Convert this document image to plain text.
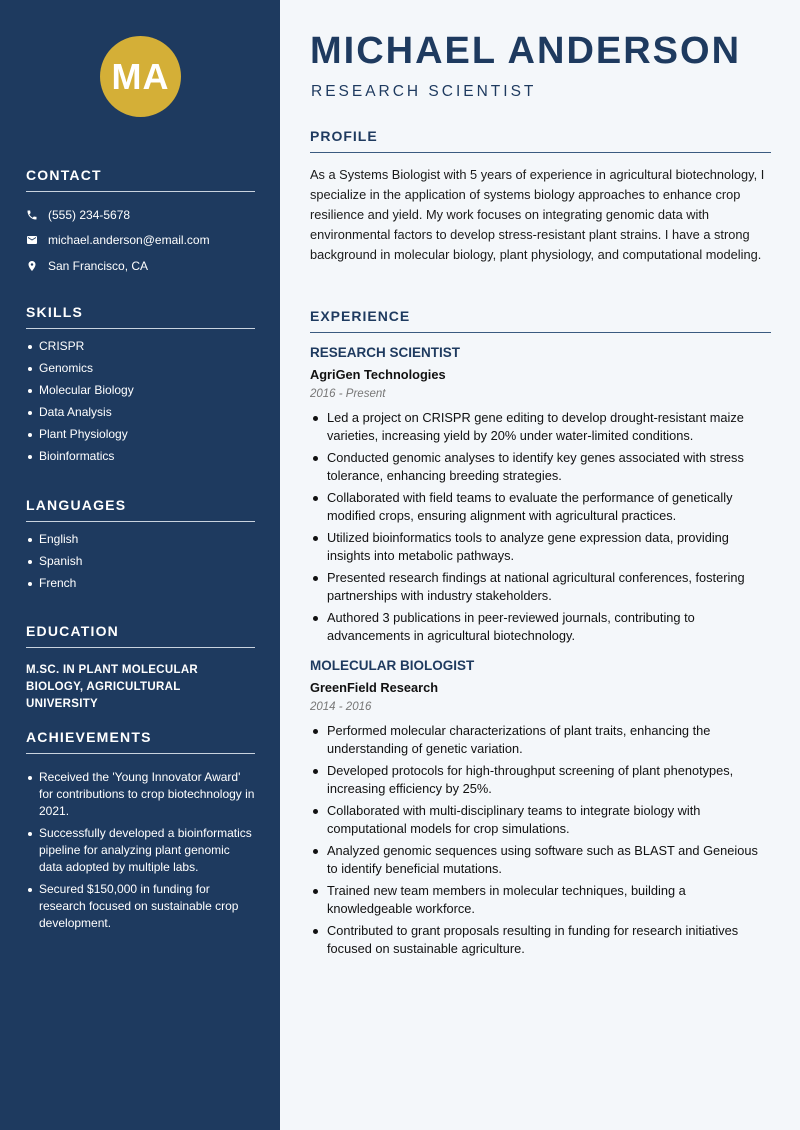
MA
CONTACT
(555) 234-5678
michael.anderson@email.com
San Francisco, CA
SKILLS
CRISPR
Genomics
Molecular Biology
Data Analysis
Plant Physiology
Bioinformatics
LANGUAGES
English
Spanish
French
EDUCATION

M.SC. IN PLANT MOLECULAR BIOLOGY, AGRICULTURAL UNIVERSITY

ACHIEVEMENTS
Received the 'Young Innovator Award' for contributions to crop biotechnology in 2021.
Successfully developed a bioinformatics pipeline for analyzing plant genomic data adopted by multiple labs.
Secured $150,000 in funding for research focused on sustainable crop development.
MICHAEL ANDERSON
RESEARCH SCIENTIST
PROFILE

As a Systems Biologist with 5 years of experience in agricultural biotechnology, I specialize in the application of systems biology approaches to enhance crop resilience and yield. My work focuses on integrating genomic data with environmental factors to develop stress-resistant plant strains. I have a strong background in molecular biology, plant physiology, and computational modeling.

EXPERIENCE
RESEARCH SCIENTIST
AgriGen Technologies
2016 - Present
Led a project on CRISPR gene editing to develop drought-resistant maize varieties, increasing yield by 20% under water-limited conditions.
Conducted genomic analyses to identify key genes associated with stress tolerance, enhancing breeding strategies.
Collaborated with field teams to evaluate the performance of genetically modified crops, ensuring alignment with agricultural practices.
Utilized bioinformatics tools to analyze gene expression data, providing insights into metabolic pathways.
Presented research findings at national agricultural conferences, fostering partnerships with industry stakeholders.
Authored 3 publications in peer-reviewed journals, contributing to advancements in agricultural biotechnology.
MOLECULAR BIOLOGIST
GreenField Research
2014 - 2016
Performed molecular characterizations of plant traits, enhancing the understanding of genetic variation.
Developed protocols for high-throughput screening of plant phenotypes, increasing efficiency by 25%.
Collaborated with multi-disciplinary teams to integrate biology with computational models for crop simulations.
Analyzed genomic sequences using software such as BLAST and Geneious to identify beneficial mutations.
Trained new team members in molecular techniques, building a knowledgeable workforce.
Contributed to grant proposals resulting in funding for research initiatives focused on sustainable agriculture.
